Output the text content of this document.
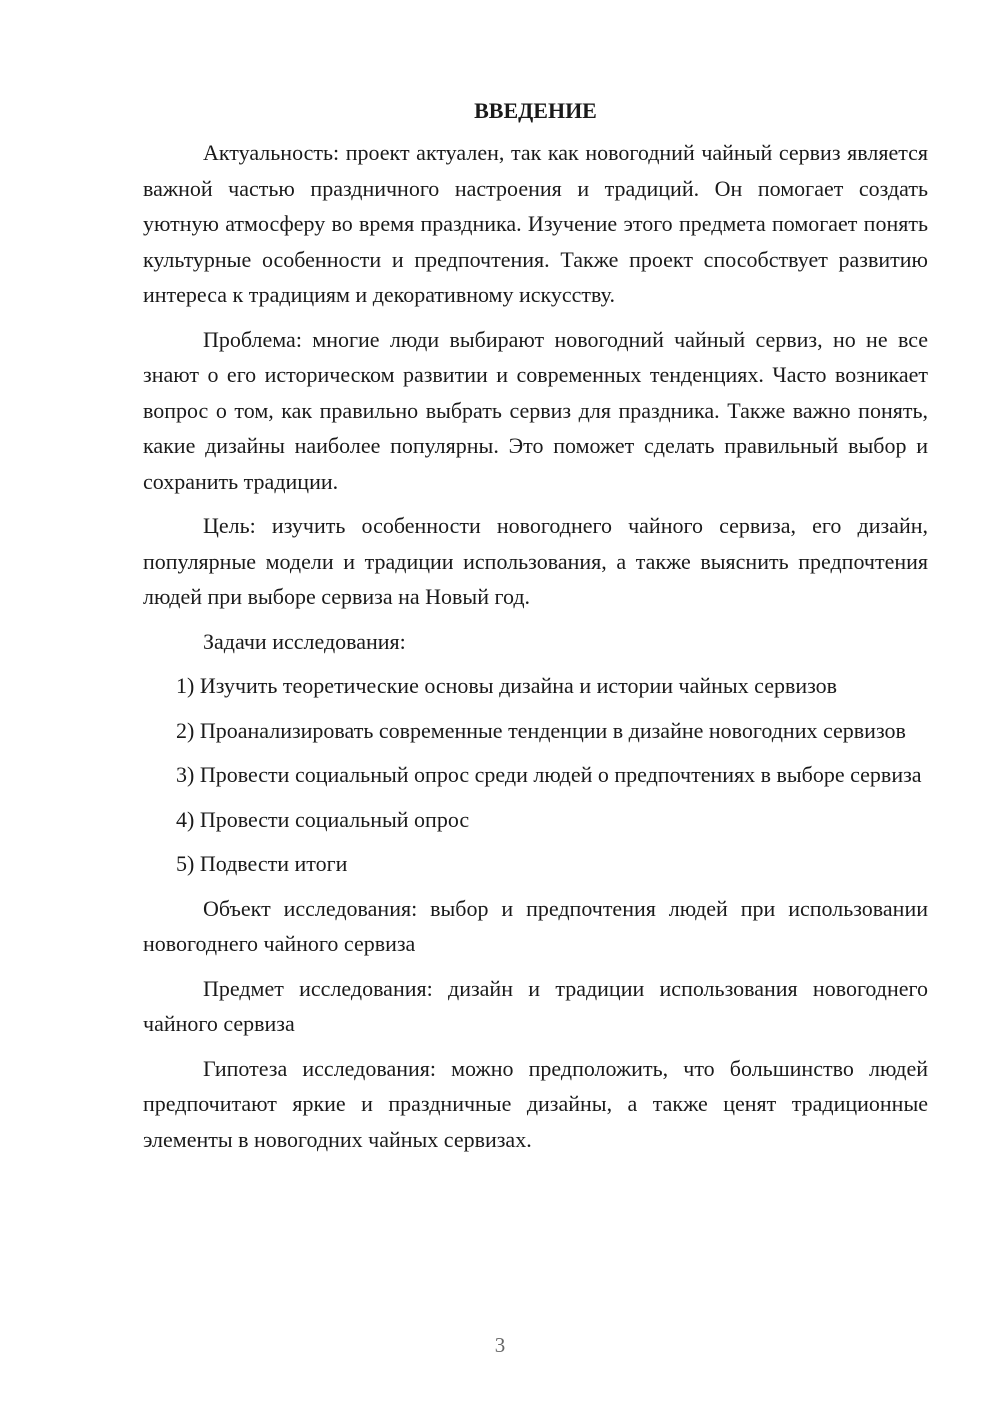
ВВЕДЕНИЕ

Актуальность: проект актуален, так как новогодний чайный сервиз является важной частью праздничного настроения и традиций. Он помогает создать уютную атмосферу во время праздника. Изучение этого предмета помогает понять культурные особенности и предпочтения. Также проект способствует развитию интереса к традициям и декоративному искусству.

Проблема: многие люди выбирают новогодний чайный сервиз, но не все знают о его историческом развитии и современных тенденциях. Часто возникает вопрос о том, как правильно выбрать сервиз для праздника. Также важно понять, какие дизайны наиболее популярны. Это поможет сделать правильный выбор и сохранить традиции.

Цель: изучить особенности новогоднего чайного сервиза, его дизайн, популярные модели и традиции использования, а также выяснить предпочтения людей при выборе сервиза на Новый год.

Задачи исследования:

1) Изучить теоретические основы дизайна и истории чайных сервизов

2) Проанализировать современные тенденции в дизайне новогодних сервизов

3) Провести социальный опрос среди людей о предпочтениях в выборе сервиза

4) Провести социальный опрос

5) Подвести итоги

Объект исследования: выбор и предпочтения людей при использовании новогоднего чайного сервиза

Предмет исследования: дизайн и традиции использования новогоднего чайного сервиза

Гипотеза исследования: можно предположить, что большинство людей предпочитают яркие и праздничные дизайны, а также ценят традиционные элементы в новогодних чайных сервизах.

3
